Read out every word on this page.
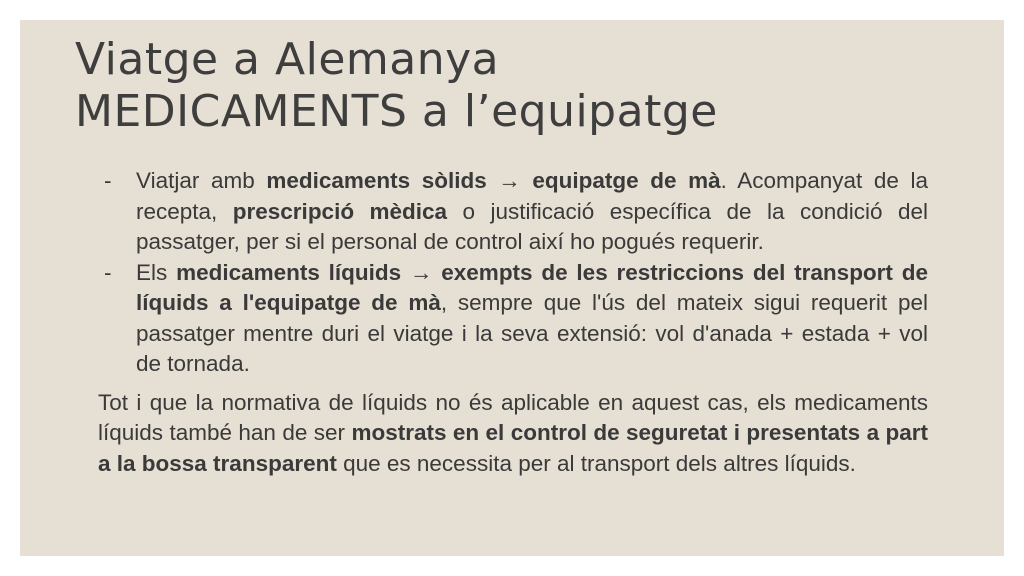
Viatge a Alemanya
MEDICAMENTS a l’equipatge
- Viatjar amb medicaments sòlids → equipatge de mà. Acompanyat de la recepta, prescripció mèdica o justificació específica de la condició del passatger, per si el personal de control així ho pogués requerir.
- Els medicaments líquids → exempts de les restriccions del transport de líquids a l'equipatge de mà, sempre que l'ús del mateix sigui requerit pel passatger mentre duri el viatge i la seva extensió: vol d'anada + estada + vol de tornada.

Tot i que la normativa de líquids no és aplicable en aquest cas, els medicaments líquids també han de ser mostrats en el control de seguretat i presentats a part a la bossa transparent que es necessita per al transport dels altres líquids.
